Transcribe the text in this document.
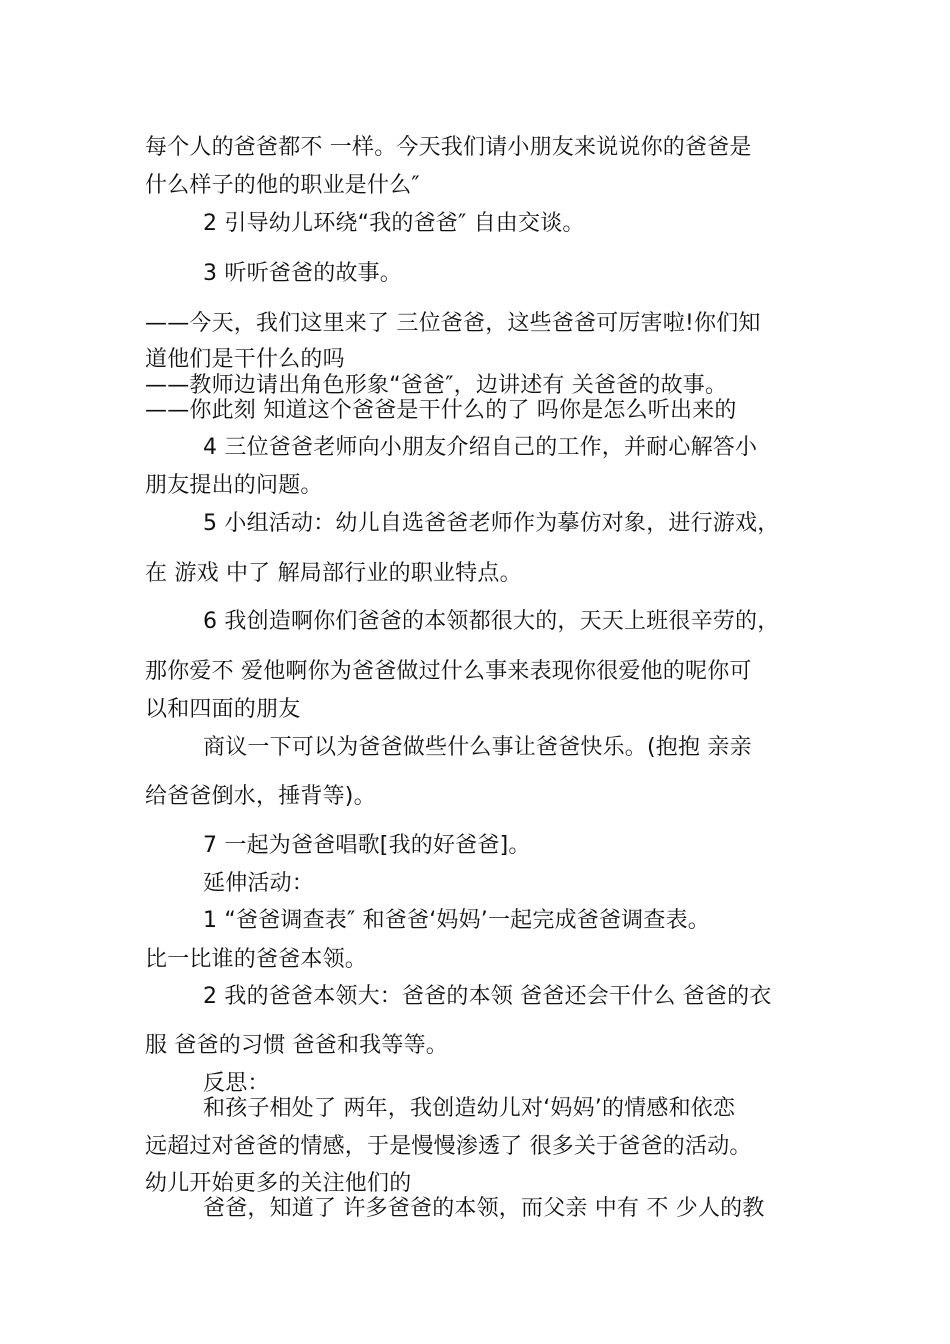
每个人的爸爸都不 一样。今天我们请小朋友来说说你的爸爸是
什么样子的他的职业是什么″
2 引导幼儿环绕“我的爸爸″ 自由交谈。
3 听听爸爸的故事。
——今天，我们这里来了 三位爸爸，这些爸爸可厉害啦!你们知
道他们是干什么的吗
——教师边请出角色形象“爸爸″，边讲述有 关爸爸的故事。
——你此刻 知道这个爸爸是干什么的了 吗你是怎么听出来的
4 三位爸爸老师向小朋友介绍自己的工作，并耐心解答小
朋友提出的问题。
5 小组活动：幼儿自选爸爸老师作为摹仿对象，进行游戏，
在 游戏 中了 解局部行业的职业特点。
6 我创造啊你们爸爸的本领都很大的，天天上班很辛劳的，
那你爱不 爱他啊你为爸爸做过什么事来表现你很爱他的呢你可
以和四面的朋友
商议一下可以为爸爸做些什么事让爸爸快乐。(抱抱 亲亲
给爸爸倒水，捶背等)。
7 一起为爸爸唱歌[我的好爸爸]。
延伸活动：
1 “爸爸调查表″ 和爸爸‘妈妈’一起完成爸爸调查表。
比一比谁的爸爸本领。
2 我的爸爸本领大：爸爸的本领 爸爸还会干什么 爸爸的衣
服 爸爸的习惯 爸爸和我等等。
反思：
和孩子相处了 两年，我创造幼儿对‘妈妈’的情感和依恋
远超过对爸爸的情感，于是慢慢渗透了 很多关于爸爸的活动。
幼儿开始更多的关注他们的
爸爸，知道了 许多爸爸的本领，而父亲 中有 不 少人的教
